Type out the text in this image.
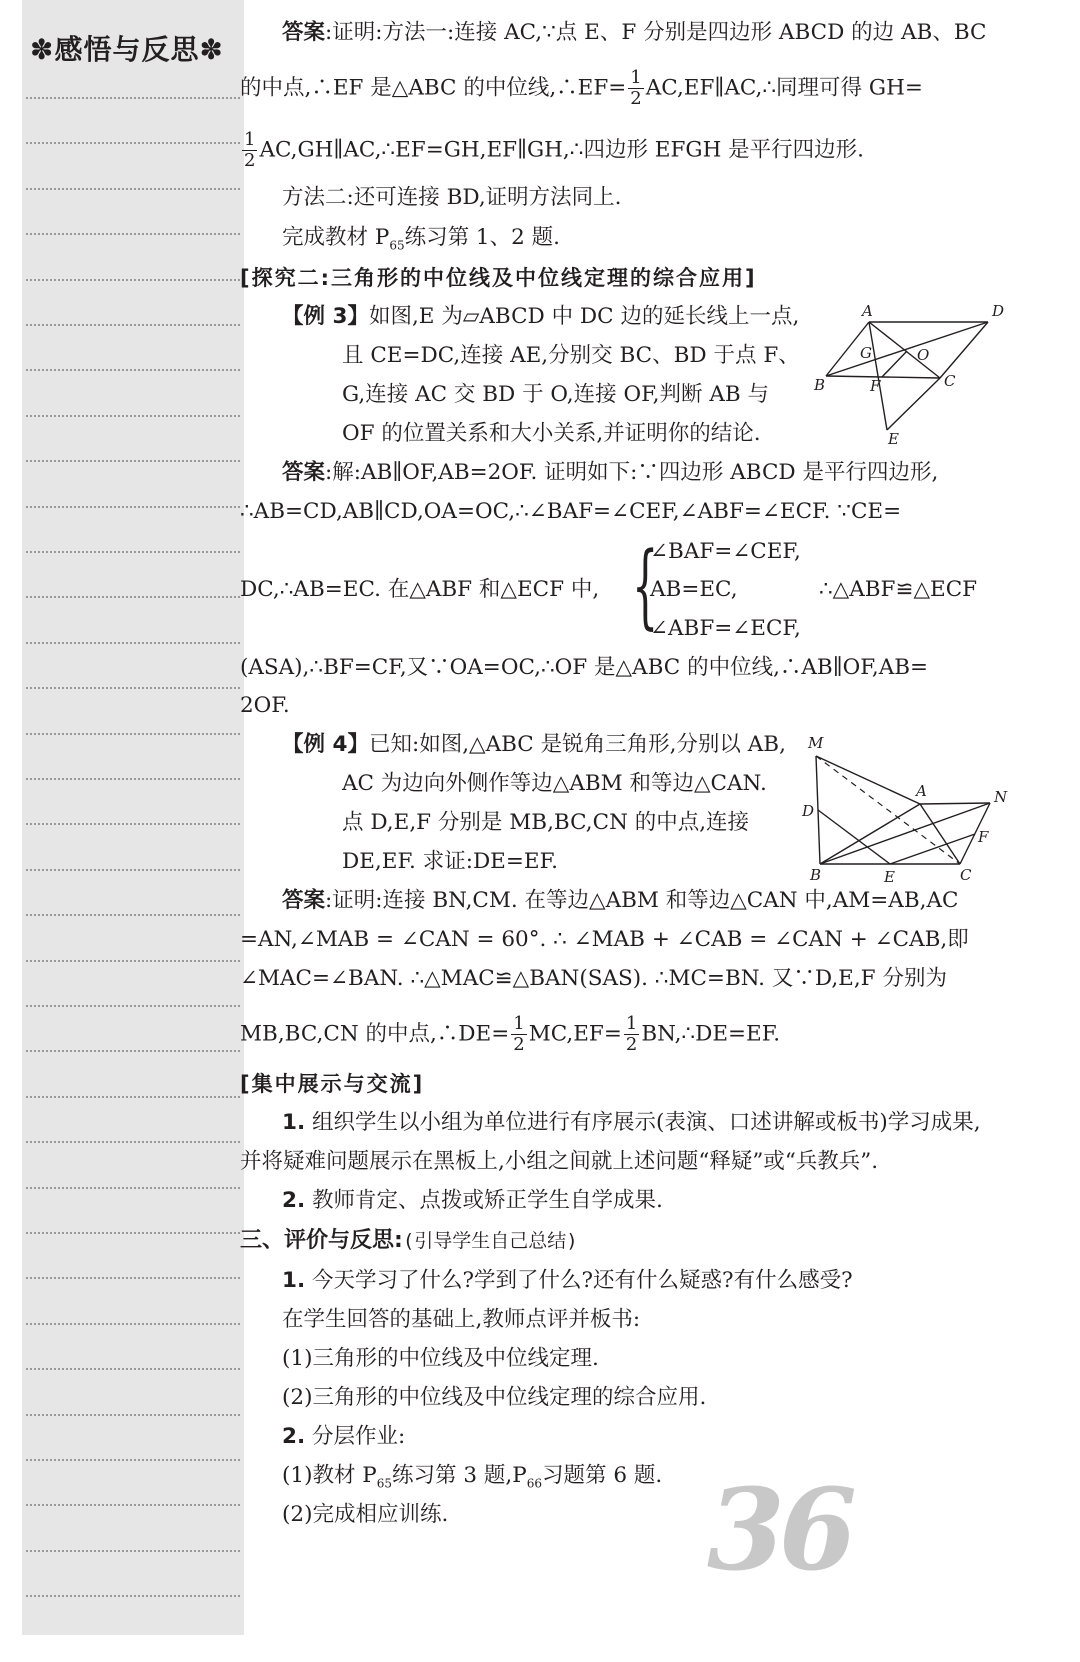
✽感悟与反思✽
答案:证明:方法一:连接 AC,∵点 E、F 分别是四边形 ABCD 的边 AB、BC
的中点,∴EF 是△ABC 的中位线,∴EF= $\frac{1}{2}$ AC,EF∥AC,∴同理可得 GH=
$\frac{1}{2}$ AC,GH∥AC,∴EF=GH,EF∥GH,∴四边形 EFGH 是平行四边形.
方法二:还可连接 BD,证明方法同上.
完成教材 $P_{65}$练习第 1、2 题.
[探究二:三角形的中位线及中位线定理的综合应用]
【例 3】如图,E 为▱ABCD 中 DC 边的延长线上一点,
且 CE=DC,连接 AE,分别交 BC、BD 于点 F、
G,连接 AC 交 BD 于 O,连接 OF,判断 AB 与
OF 的位置关系和大小关系,并证明你的结论.
A	D
B	C
E
F
G	O
答案:解:AB∥OF,AB=2OF. 证明如下:∵四边形 ABCD 是平行四边形,
∴AB=CD,AB∥CD,OA=OC,∴∠BAF=∠CEF,∠ABF=∠ECF. ∵CE=
DC,∴AB=EC. 在△ABF 和△ECF 中, {
∠BAF=∠CEF,
AB=EC,
∠ABF=∠ECF,
∴△ABF≌△ECF
(ASA),∴BF=CF,又∵OA=OC,∴OF 是△ABC 的中位线,∴AB∥OF,AB=
2OF.
【例 4】已知:如图,△ABC 是锐角三角形,分别以 AB,
AC 为边向外侧作等边△ABM 和等边△CAN.
点 D,E,F 分别是 MB,BC,CN 的中点,连接
DE,EF. 求证:DE=EF.
M
A	N
D
F
B	E	C
答案:证明:连接 BN,CM. 在等边△ABM 和等边△CAN 中,AM=AB,AC
=AN,∠MAB = ∠CAN = 60°. ∴ ∠MAB + ∠CAB = ∠CAN + ∠CAB,即
∠MAC=∠BAN. ∴△MAC≌△BAN(SAS). ∴MC=BN. 又∵D,E,F 分别为
MB,BC,CN 的中点,∴DE= $\frac{1}{2} MC,EF= \frac{1}{2}$ BN,∴DE=EF.
[集中展示与交流]
1. 组织学生以小组为单位进行有序展示(表演、口述讲解或板书)学习成果,
并将疑难问题展示在黑板上,小组之间就上述问题“释疑”或“兵教兵”.
2. 教师肯定、点拨或矫正学生自学成果.
三、评价与反思:(引导学生自己总结)
1. 今天学习了什么?学到了什么?还有什么疑惑?有什么感受?
在学生回答的基础上,教师点评并板书:
(1)三角形的中位线及中位线定理.
(2)三角形的中位线及中位线定理的综合应用.
2. 分层作业:
36
(1)教材 $P_{65}$练习第 3 题$,P_{66}$习题第 6 题.
(2)完成相应训练.
